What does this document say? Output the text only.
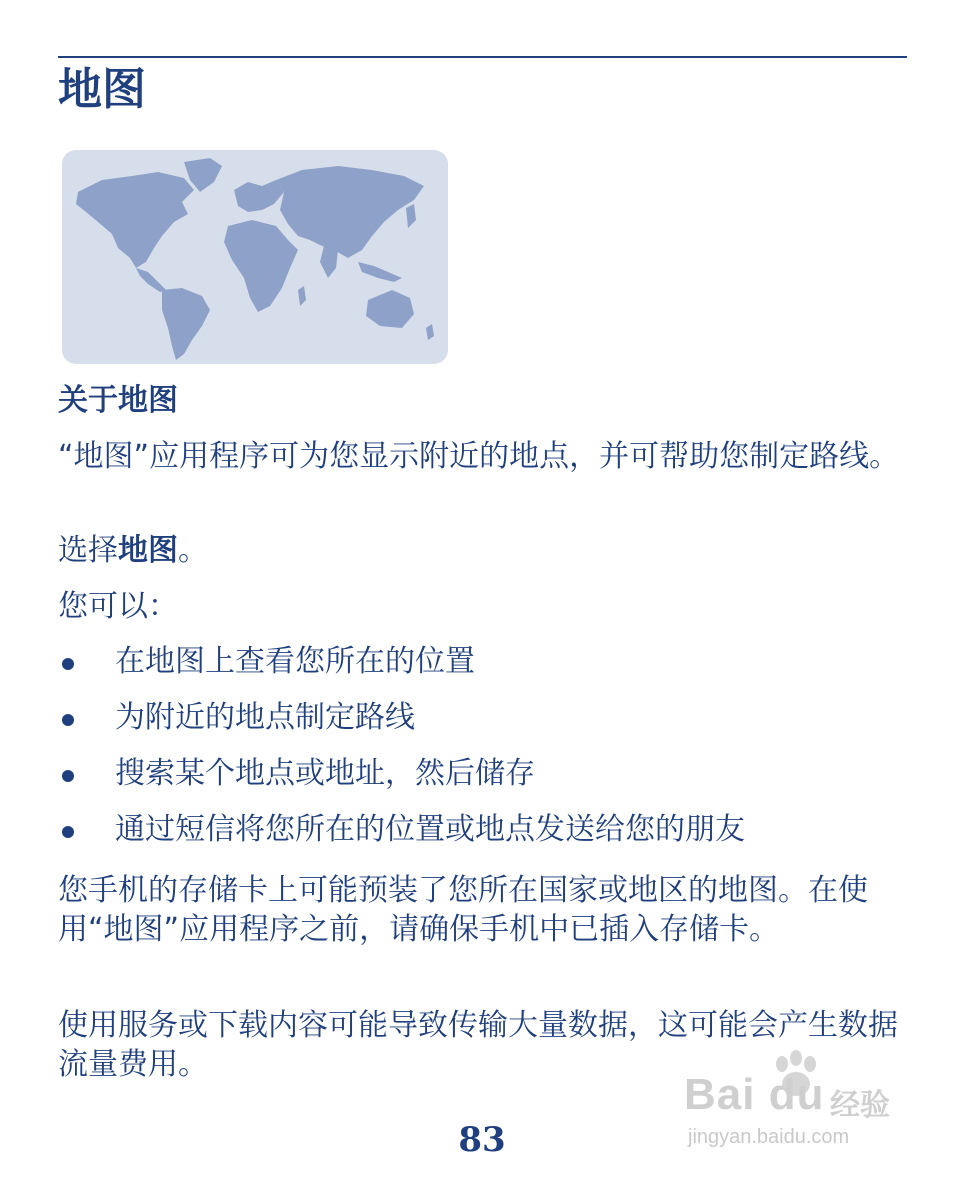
地图
关于地图
“地图”应用程序可为您显示附近的地点，并可帮助您制定路线。
选择地图。
您可以：
在地图上查看您所在的位置
为附近的地点制定路线
搜索某个地点或地址，然后储存
通过短信将您所在的位置或地点发送给您的朋友
您手机的存储卡上可能预装了您所在国家或地区的地图。在使用“地图”应用程序之前，请确保手机中已插入存储卡。
使用服务或下载内容可能导致传输大量数据，这可能会产生数据流量费用。
Bai du 经验
jingyan.baidu.com
83
